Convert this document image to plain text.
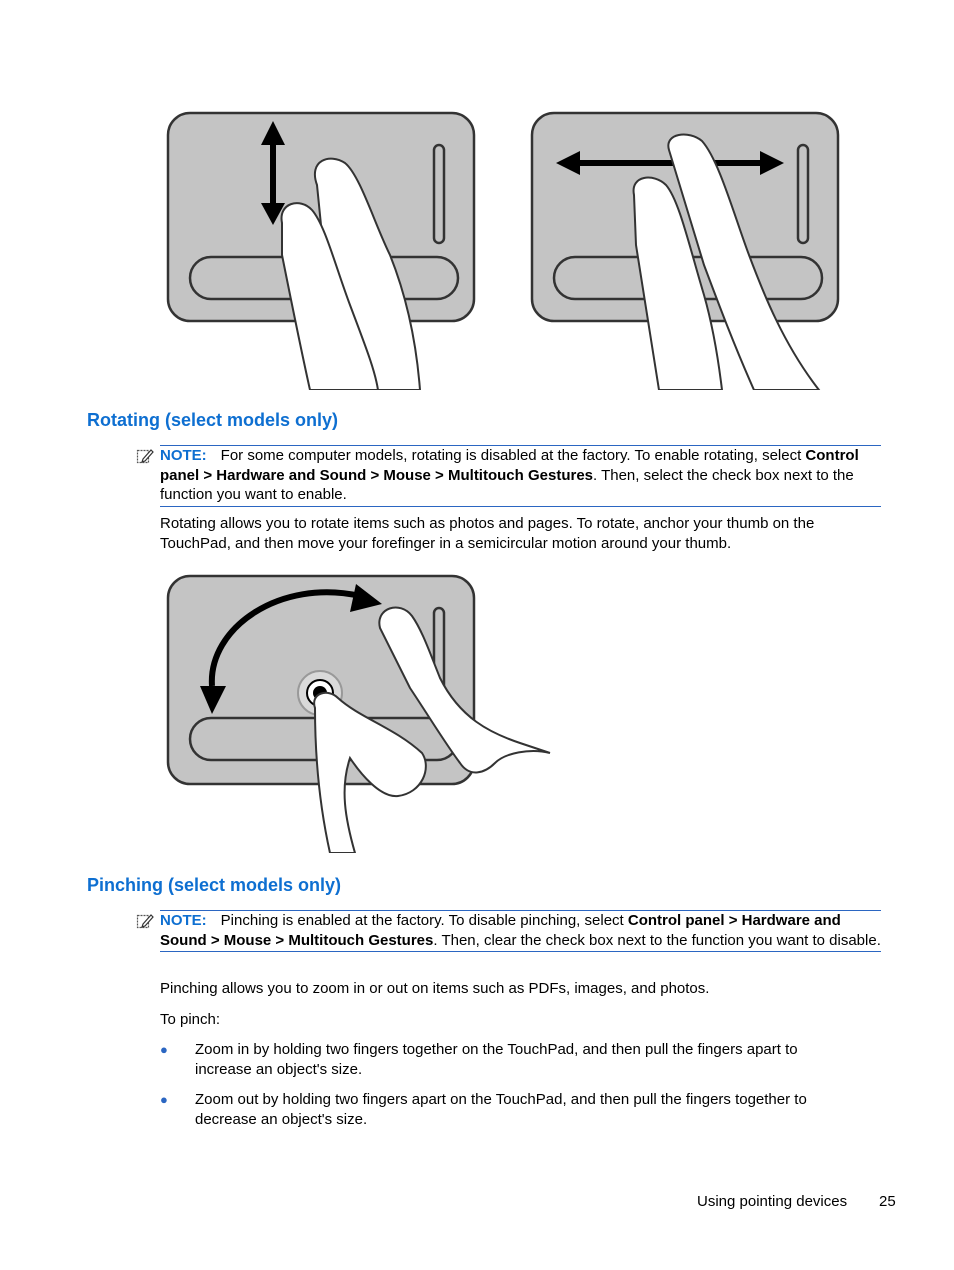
Rotating (select models only)
NOTE: For some computer models, rotating is disabled at the factory. To enable rotating, select Control panel > Hardware and Sound > Mouse > Multitouch Gestures. Then, select the check box next to the function you want to enable.

Rotating allows you to rotate items such as photos and pages. To rotate, anchor your thumb on the TouchPad, and then move your forefinger in a semicircular motion around your thumb.

Pinching (select models only)
NOTE: Pinching is enabled at the factory. To disable pinching, select Control panel > Hardware and Sound > Mouse > Multitouch Gestures. Then, clear the check box next to the function you want to disable.

Pinching allows you to zoom in or out on items such as PDFs, images, and photos.

To pinch:

● Zoom in by holding two fingers together on the TouchPad, and then pull the fingers apart to increase an object's size.
● Zoom out by holding two fingers apart on the TouchPad, and then pull the fingers together to decrease an object's size.
Using pointing devices 25
